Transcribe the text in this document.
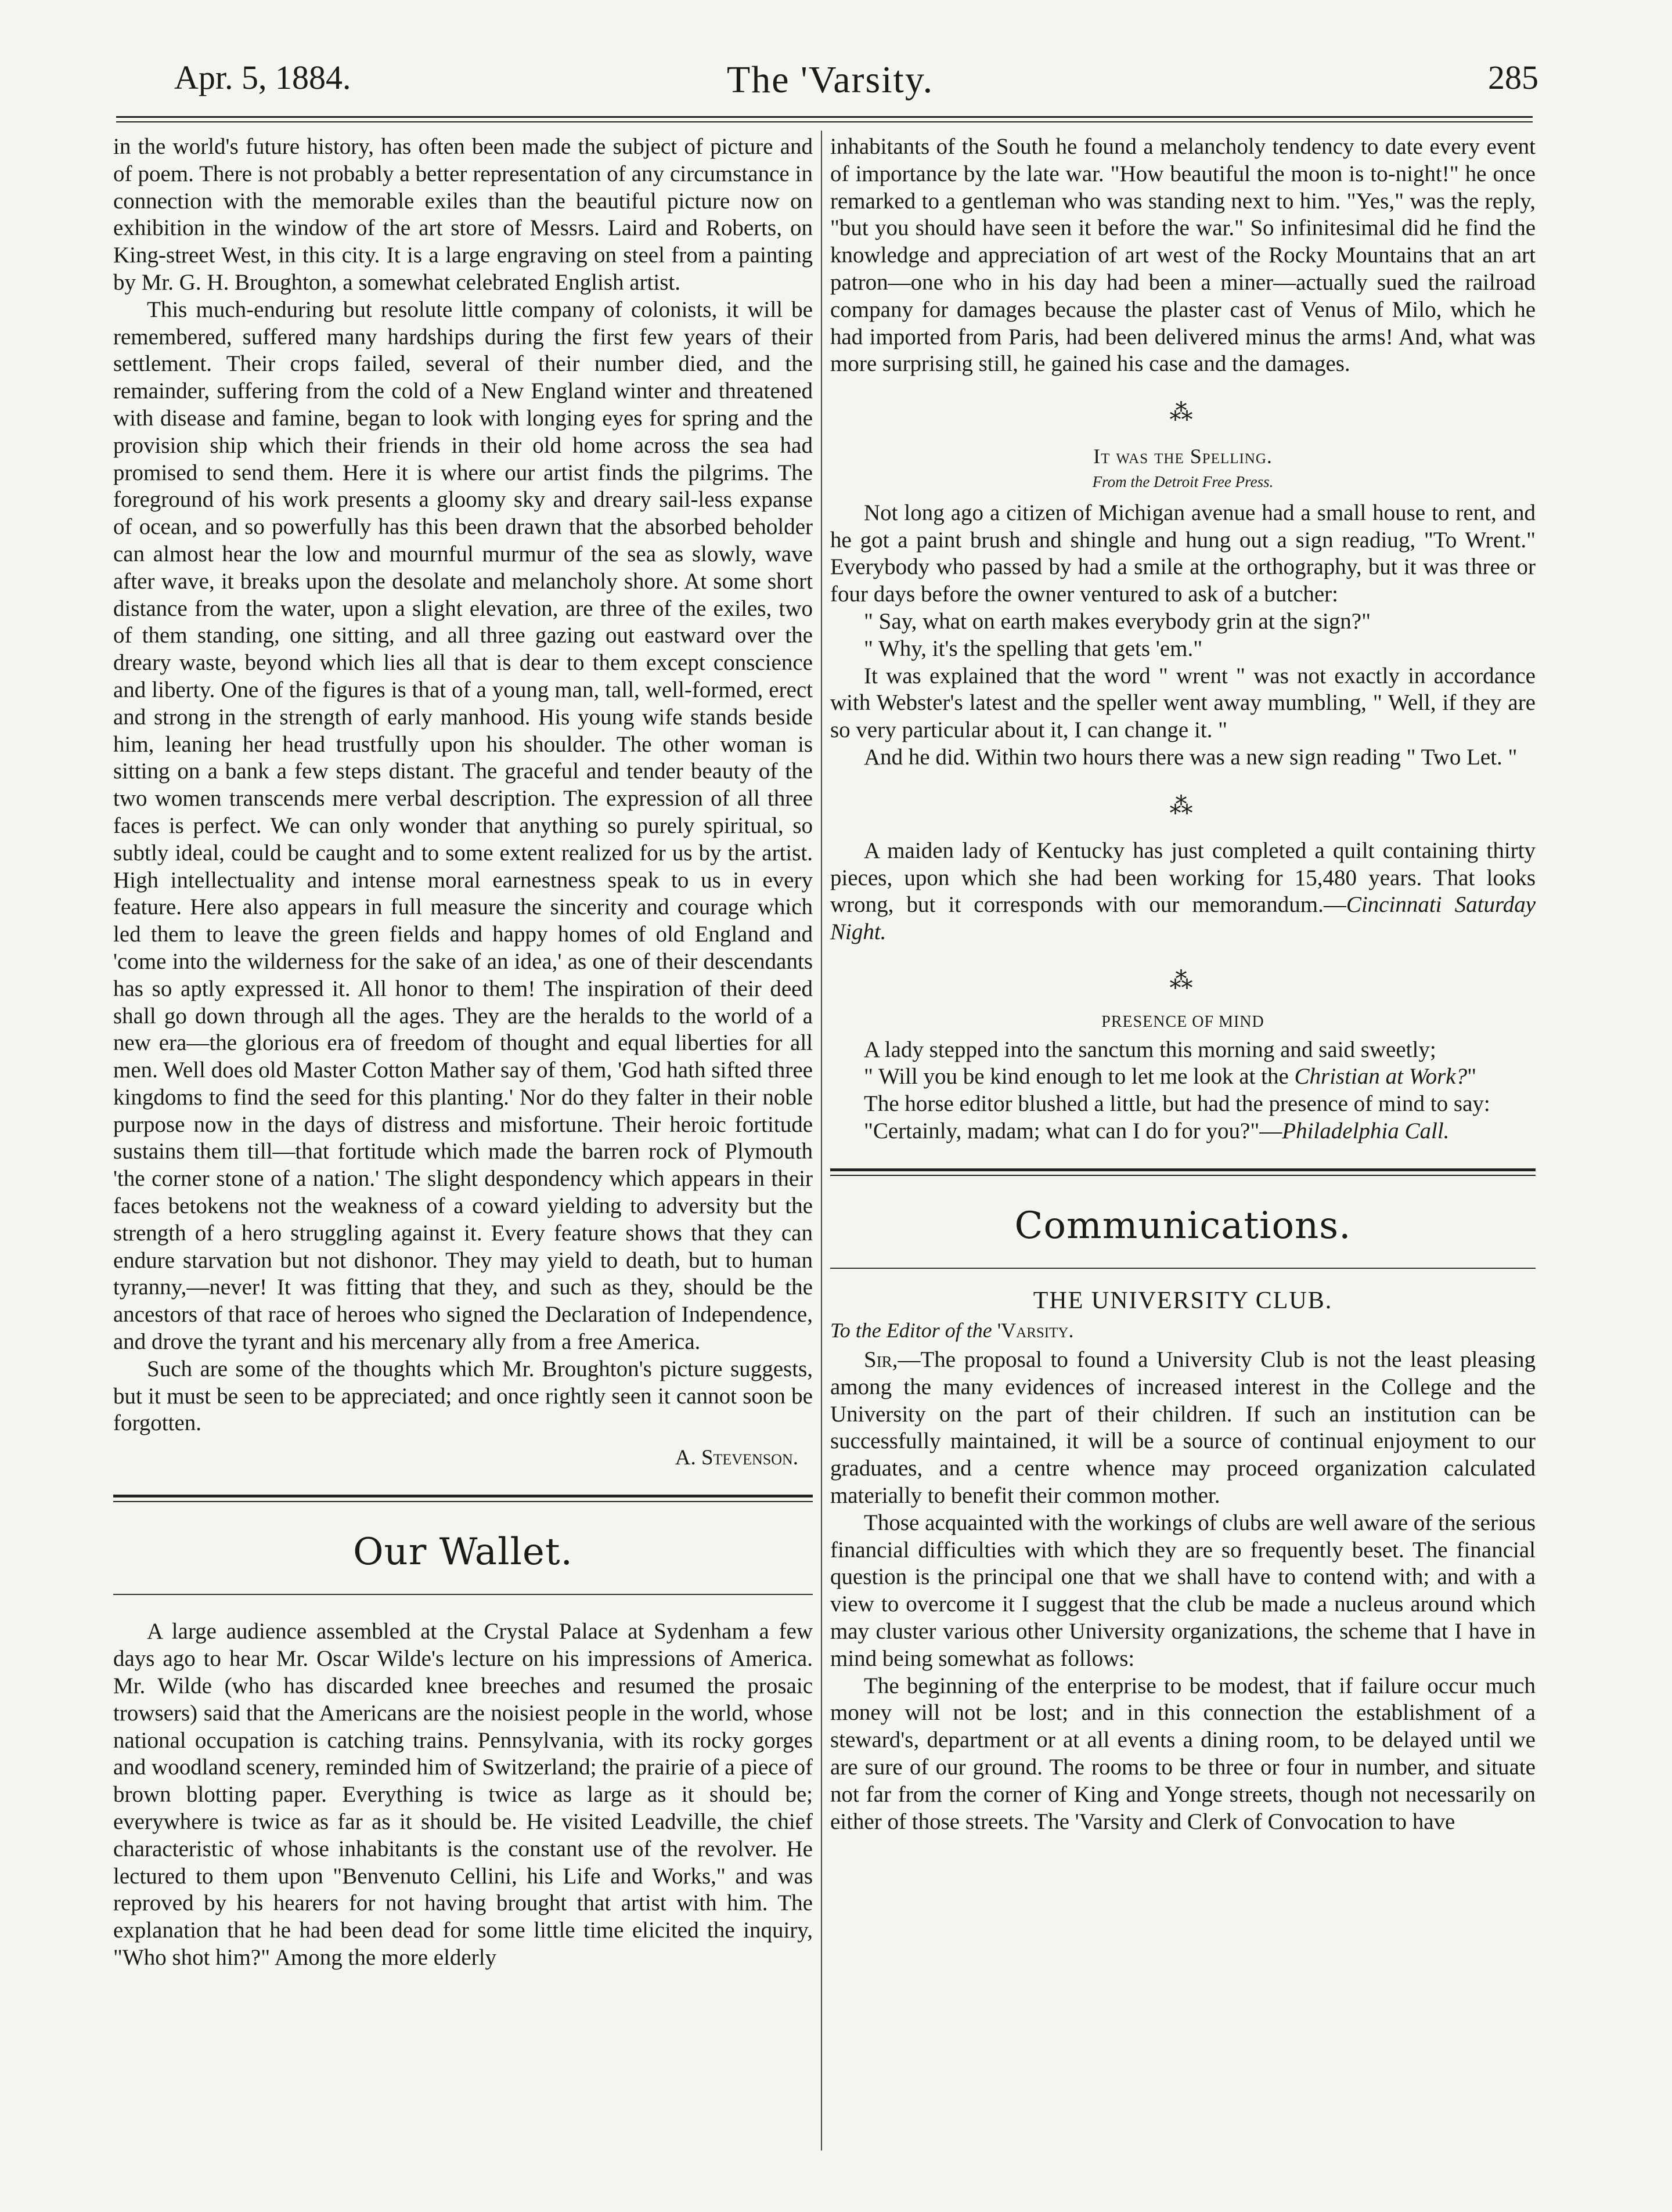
Apr. 5, 1884.	The 'Varsity.	285

in the world's future history, has often been made the subject of picture and of poem. There is not probably a better representation of any circumstance in connection with the memorable exiles than the beautiful picture now on exhibition in the window of the art store of Messrs. Laird and Roberts, on King-street West, in this city. It is a large engraving on steel from a painting by Mr. G. H. Broughton, a somewhat celebrated English artist.

This much-enduring but resolute little company of colonists, it will be remembered, suffered many hardships during the first few years of their settlement. Their crops failed, several of their number died, and the remainder, suffering from the cold of a New England winter and threatened with disease and famine, began to look with longing eyes for spring and the provision ship which their friends in their old home across the sea had promised to send them. Here it is where our artist finds the pilgrims. The foreground of his work presents a gloomy sky and dreary sail-less expanse of ocean, and so powerfully has this been drawn that the absorbed beholder can almost hear the low and mournful murmur of the sea as slowly, wave after wave, it breaks upon the desolate and melancholy shore. At some short distance from the water, upon a slight elevation, are three of the exiles, two of them standing, one sitting, and all three gazing out eastward over the dreary waste, beyond which lies all that is dear to them except conscience and liberty. One of the figures is that of a young man, tall, well-formed, erect and strong in the strength of early manhood. His young wife stands beside him, leaning her head trustfully upon his shoulder. The other woman is sitting on a bank a few steps distant. The graceful and tender beauty of the two women transcends mere verbal description. The expression of all three faces is perfect. We can only wonder that anything so purely spiritual, so subtly ideal, could be caught and to some extent realized for us by the artist. High intellectuality and intense moral earnestness speak to us in every feature. Here also appears in full measure the sincerity and courage which led them to leave the green fields and happy homes of old England and 'come into the wilderness for the sake of an idea,' as one of their descendants has so aptly expressed it. All honor to them! The inspiration of their deed shall go down through all the ages. They are the heralds to the world of a new era—the glorious era of freedom of thought and equal liberties for all men. Well does old Master Cotton Mather say of them, 'God hath sifted three kingdoms to find the seed for this planting.' Nor do they falter in their noble purpose now in the days of distress and misfortune. Their heroic fortitude sustains them till—that fortitude which made the barren rock of Plymouth 'the corner stone of a nation.' The slight despondency which appears in their faces betokens not the weakness of a coward yielding to adversity but the strength of a hero struggling against it. Every feature shows that they can endure starvation but not dishonor. They may yield to death, but to human tyranny,—never! It was fitting that they, and such as they, should be the ancestors of that race of heroes who signed the Declaration of Independence, and drove the tyrant and his mercenary ally from a free America.

Such are some of the thoughts which Mr. Broughton's picture suggests, but it must be seen to be appreciated; and once rightly seen it cannot soon be forgotten.

A. Stevenson.
Our Wallet.

A large audience assembled at the Crystal Palace at Sydenham a few days ago to hear Mr. Oscar Wilde's lecture on his impressions of America. Mr. Wilde (who has discarded knee breeches and resumed the prosaic trowsers) said that the Americans are the noisiest people in the world, whose national occupation is catching trains. Pennsylvania, with its rocky gorges and woodland scenery, reminded him of Switzerland; the prairie of a piece of brown blotting paper. Everything is twice as large as it should be; everywhere is twice as far as it should be. He visited Leadville, the chief characteristic of whose inhabitants is the constant use of the revolver. He lectured to them upon "Benvenuto Cellini, his Life and Works," and was reproved by his hearers for not having brought that artist with him. The explanation that he had been dead for some little time elicited the inquiry, "Who shot him?" Among the more elderly

inhabitants of the South he found a melancholy tendency to date every event of importance by the late war. "How beautiful the moon is to-night!" he once remarked to a gentleman who was standing next to him. "Yes," was the reply, "but you should have seen it before the war." So infinitesimal did he find the knowledge and appreciation of art west of the Rocky Mountains that an art patron—one who in his day had been a miner—actually sued the railroad company for damages because the plaster cast of Venus of Milo, which he had imported from Paris, had been delivered minus the arms! And, what was more surprising still, he gained his case and the damages.

⁂
It was the Spelling.
From the Detroit Free Press.

Not long ago a citizen of Michigan avenue had a small house to rent, and he got a paint brush and shingle and hung out a sign readiug, "To Wrent." Everybody who passed by had a smile at the orthography, but it was three or four days before the owner ventured to ask of a butcher:

" Say, what on earth makes everybody grin at the sign?"

" Why, it's the spelling that gets 'em."

It was explained that the word " wrent " was not exactly in accordance with Webster's latest and the speller went away mumbling, " Well, if they are so very particular about it, I can change it. "

And he did. Within two hours there was a new sign reading " Two Let. "

⁂

A maiden lady of Kentucky has just completed a quilt containing thirty pieces, upon which she had been working for 15,480 years. That looks wrong, but it corresponds with our memorandum.—Cincinnati Saturday Night.

⁂
PRESENCE OF MIND

A lady stepped into the sanctum this morning and said sweetly;

" Will you be kind enough to let me look at the Christian at Work?"

The horse editor blushed a little, but had the presence of mind to say:

"Certainly, madam; what can I do for you?"—Philadelphia Call.

Communications.
THE UNIVERSITY CLUB.
To the Editor of the 'Varsity.

Sir,—The proposal to found a University Club is not the least pleasing among the many evidences of increased interest in the College and the University on the part of their children. If such an institution can be successfully maintained, it will be a source of continual enjoyment to our graduates, and a centre whence may proceed organization calculated materially to benefit their common mother.

Those acquainted with the workings of clubs are well aware of the serious financial difficulties with which they are so frequently beset. The financial question is the principal one that we shall have to contend with; and with a view to overcome it I suggest that the club be made a nucleus around which may cluster various other University organizations, the scheme that I have in mind being somewhat as follows:

The beginning of the enterprise to be modest, that if failure occur much money will not be lost; and in this connection the establishment of a steward's, department or at all events a dining room, to be delayed until we are sure of our ground. The rooms to be three or four in number, and situate not far from the corner of King and Yonge streets, though not necessarily on either of those streets. The 'Varsity and Clerk of Convocation to have
